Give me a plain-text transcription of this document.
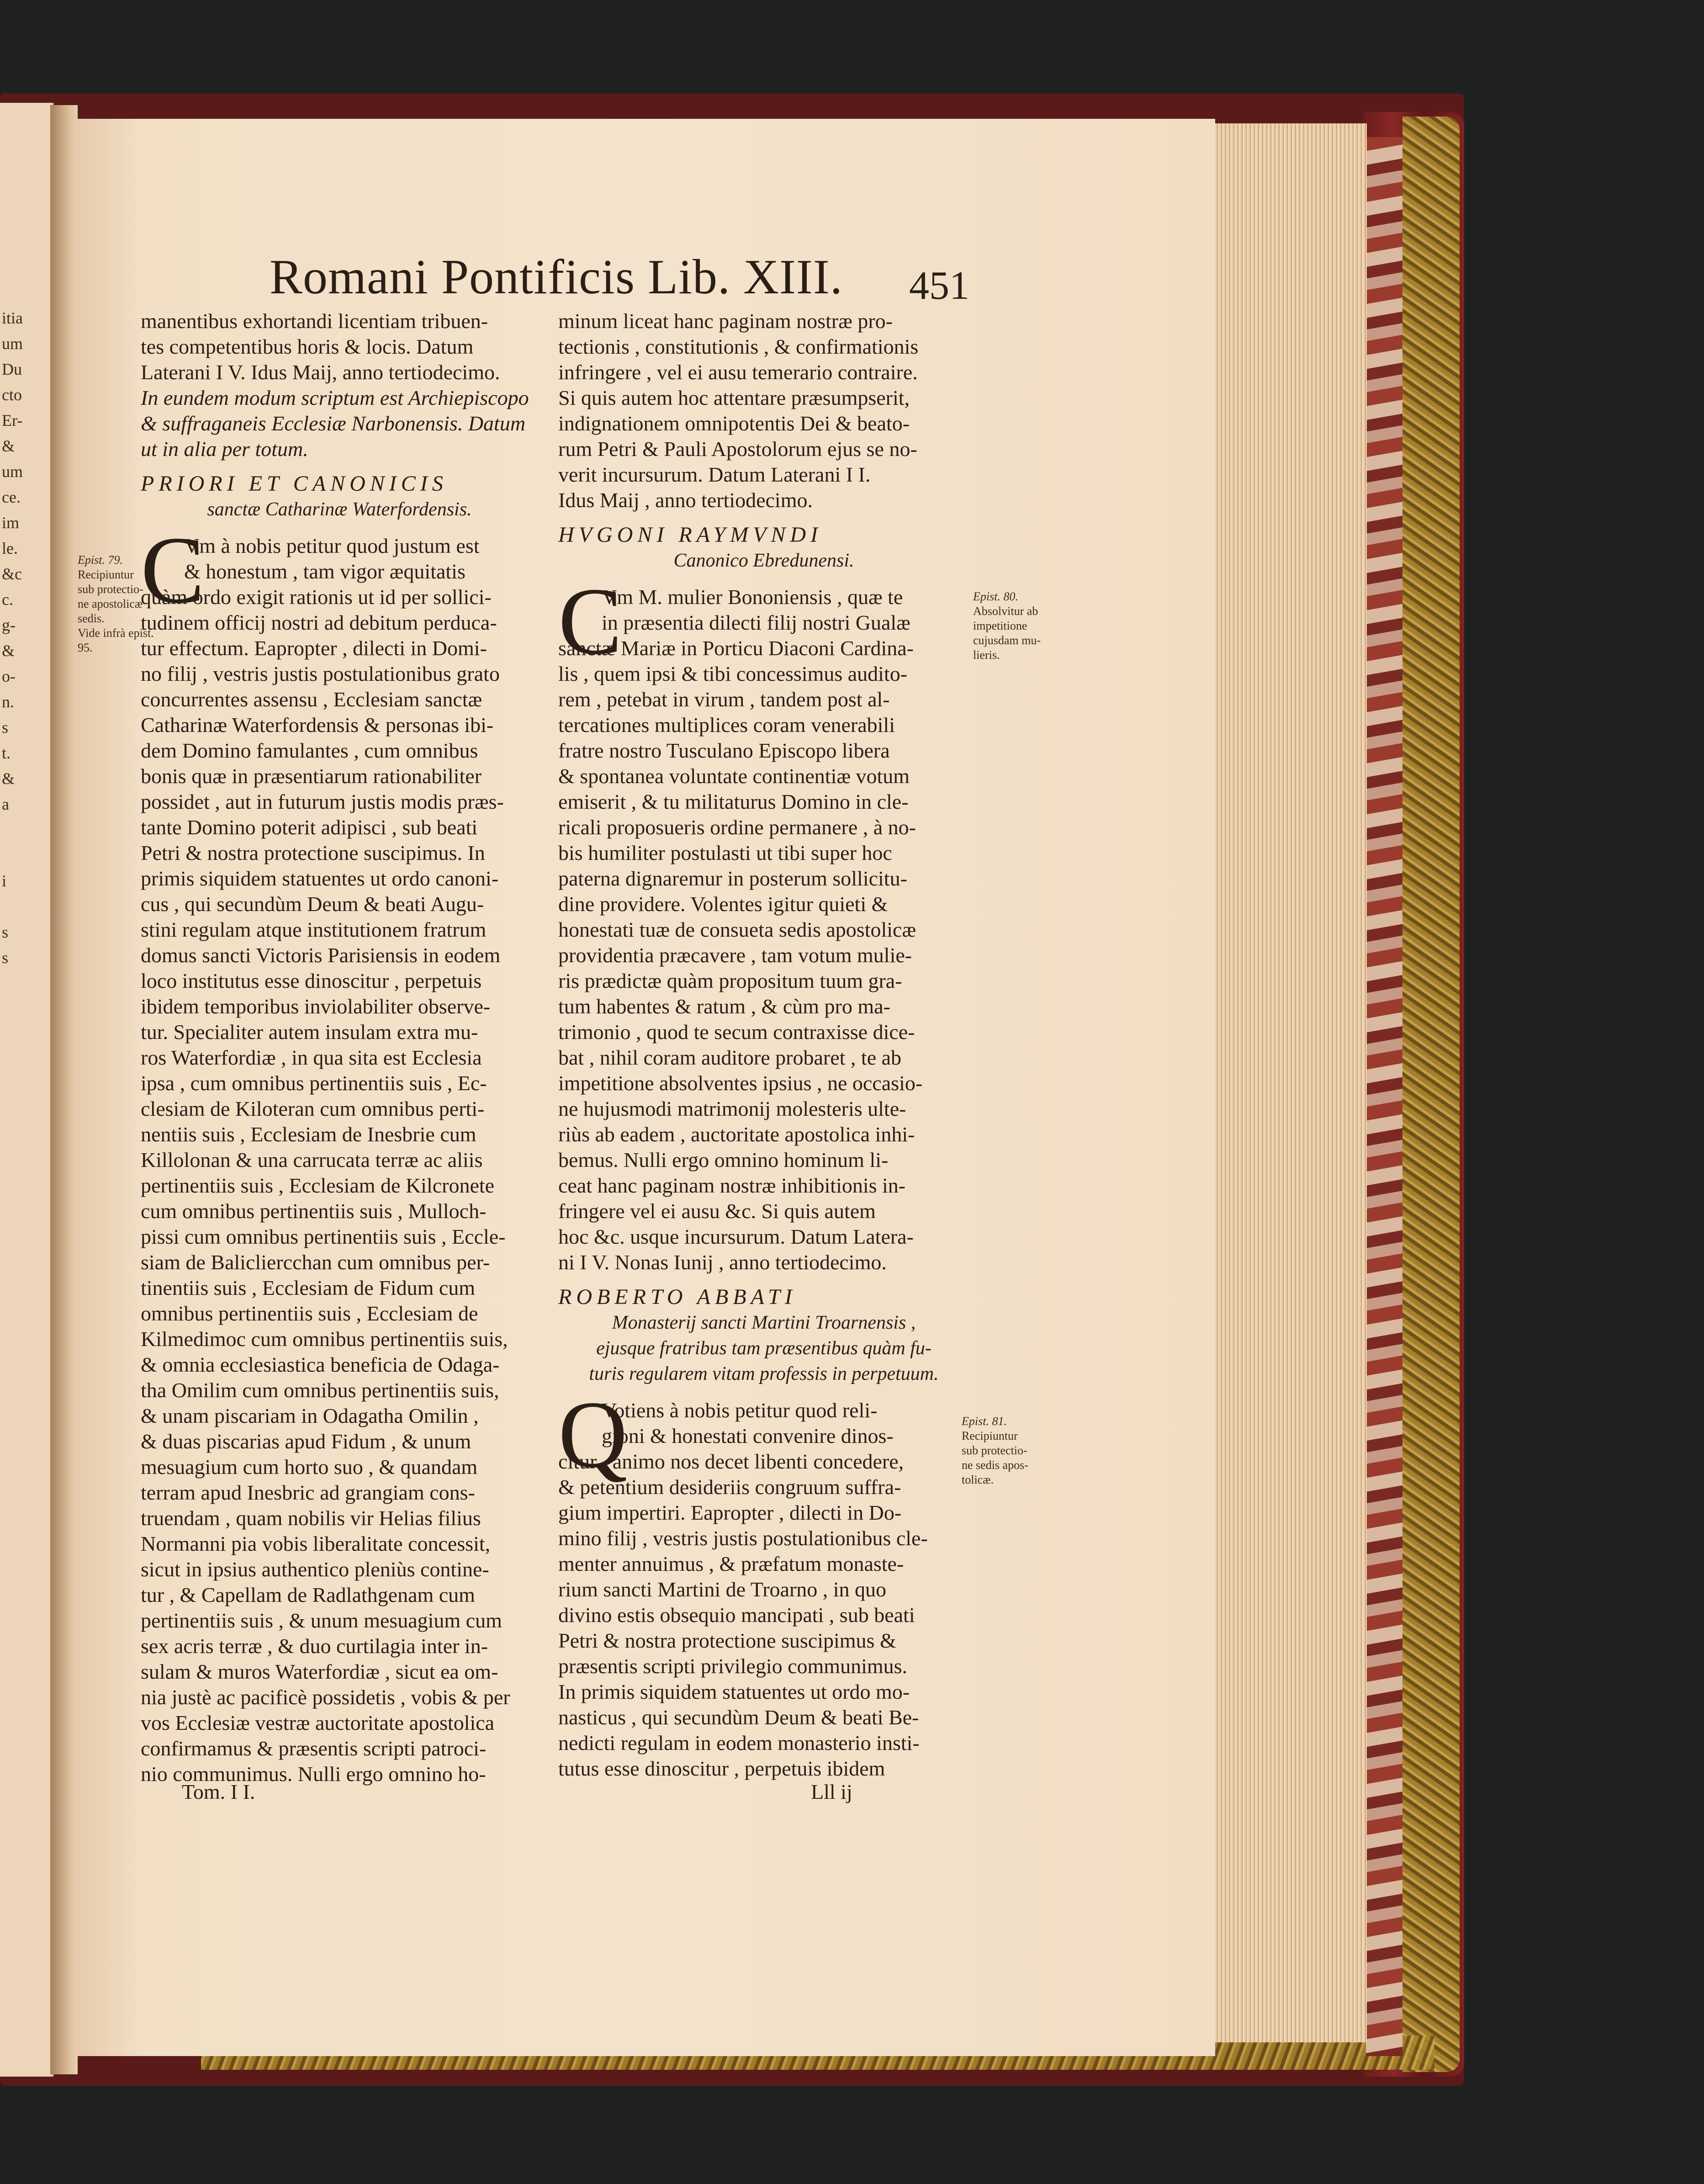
itia
um
Du
cto
Er-
&
um
ce.
im
le.
&c
c.
g-
&
o-
n.
s
t.
&
a
i
s
s
Romani Pontificis Lib. XIII. 451
manentibus exhortandi licentiam tribuen-
tes competentibus horis & locis. Datum
Laterani I V. Idus Maij, anno tertiodecimo.
In eundem modum scriptum est Archiepiscopo
& suffraganeis Ecclesiæ Narbonensis. Datum
ut in alia per totum.
PRIORI ET CANONICIS
sanctæ Catharinæ Waterfordensis.
C
Vm à nobis petitur quod justum est
& honestum , tam vigor æquitatis
quàm ordo exigit rationis ut id per sollici-
tudinem officij nostri ad debitum perduca-
tur effectum. Eapropter , dilecti in Domi-
no filij , vestris justis postulationibus grato
concurrentes assensu , Ecclesiam sanctæ
Catharinæ Waterfordensis & personas ibi-
dem Domino famulantes , cum omnibus
bonis quæ in præsentiarum rationabiliter
possidet , aut in futurum justis modis præs-
tante Domino poterit adipisci , sub beati
Petri & nostra protectione suscipimus. In
primis siquidem statuentes ut ordo canoni-
cus , qui secundùm Deum & beati Augu-
stini regulam atque institutionem fratrum
domus sancti Victoris Parisiensis in eodem
loco institutus esse dinoscitur , perpetuis
ibidem temporibus inviolabiliter observe-
tur. Specialiter autem insulam extra mu-
ros Waterfordiæ , in qua sita est Ecclesia
ipsa , cum omnibus pertinentiis suis , Ec-
clesiam de Kiloteran cum omnibus perti-
nentiis suis , Ecclesiam de Inesbrie cum
Killolonan & una carrucata terræ ac aliis
pertinentiis suis , Ecclesiam de Kilcronete
cum omnibus pertinentiis suis , Mulloch-
pissi cum omnibus pertinentiis suis , Eccle-
siam de Balicliercchan cum omnibus per-
tinentiis suis , Ecclesiam de Fidum cum
omnibus pertinentiis suis , Ecclesiam de
Kilmedimoc cum omnibus pertinentiis suis,
& omnia ecclesiastica beneficia de Odaga-
tha Omilim cum omnibus pertinentiis suis,
& unam piscariam in Odagatha Omilin ,
& duas piscarias apud Fidum , & unum
mesuagium cum horto suo , & quandam
terram apud Inesbric ad grangiam cons-
truendam , quam nobilis vir Helias filius
Normanni pia vobis liberalitate concessit,
sicut in ipsius authentico pleniùs contine-
tur , & Capellam de Radlathgenam cum
pertinentiis suis , & unum mesuagium cum
sex acris terræ , & duo curtilagia inter in-
sulam & muros Waterfordiæ , sicut ea om-
nia justè ac pacificè possidetis , vobis & per
vos Ecclesiæ vestræ auctoritate apostolica
confirmamus & præsentis scripti patroci-
nio communimus. Nulli ergo omnino ho-
minum liceat hanc paginam nostræ pro-
tectionis , constitutionis , & confirmationis
infringere , vel ei ausu temerario contraire.
Si quis autem hoc attentare præsumpserit,
indignationem omnipotentis Dei & beato-
rum Petri & Pauli Apostolorum ejus se no-
verit incursurum. Datum Laterani I I.
Idus Maij , anno tertiodecimo.
HVGONI RAYMVNDI
Canonico Ebredunensi.
C
Vm M. mulier Bononiensis , quæ te
in præsentia dilecti filij nostri Gualæ
sanctæ Mariæ in Porticu Diaconi Cardina-
lis , quem ipsi & tibi concessimus audito-
rem , petebat in virum , tandem post al-
tercationes multiplices coram venerabili
fratre nostro Tusculano Episcopo libera
& spontanea voluntate continentiæ votum
emiserit , & tu militaturus Domino in cle-
ricali proposueris ordine permanere , à no-
bis humiliter postulasti ut tibi super hoc
paterna dignaremur in posterum sollicitu-
dine providere. Volentes igitur quieti &
honestati tuæ de consueta sedis apostolicæ
providentia præcavere , tam votum mulie-
ris prædictæ quàm propositum tuum gra-
tum habentes & ratum , & cùm pro ma-
trimonio , quod te secum contraxisse dice-
bat , nihil coram auditore probaret , te ab
impetitione absolventes ipsius , ne occasio-
ne hujusmodi matrimonij molesteris ulte-
riùs ab eadem , auctoritate apostolica inhi-
bemus. Nulli ergo omnino hominum li-
ceat hanc paginam nostræ inhibitionis in-
fringere vel ei ausu &c. Si quis autem
hoc &c. usque incursurum. Datum Latera-
ni I V. Nonas Iunij , anno tertiodecimo.
ROBERTO ABBATI
Monasterij sancti Martini Troarnensis ,
ejusque fratribus tam præsentibus quàm fu-
turis regularem vitam professis in perpetuum.
Q
Votiens à nobis petitur quod reli-
gioni & honestati convenire dinos-
citur , animo nos decet libenti concedere,
& petentium desideriis congruum suffra-
gium impertiri. Eapropter , dilecti in Do-
mino filij , vestris justis postulationibus cle-
menter annuimus , & præfatum monaste-
rium sancti Martini de Troarno , in quo
divino estis obsequio mancipati , sub beati
Petri & nostra protectione suscipimus &
præsentis scripti privilegio communimus.
In primis siquidem statuentes ut ordo mo-
nasticus , qui secundùm Deum & beati Be-
nedicti regulam in eodem monasterio insti-
tutus esse dinoscitur , perpetuis ibidem
Epist. 79.
Recipiuntur
sub protectio-
ne apostolicæ
sedis.
Vide infrà epist.
95.
Epist. 80.
Absolvitur ab
impetitione
cujusdam mu-
lieris.
Epist. 81.
Recipiuntur
sub protectio-
ne sedis apos-
tolicæ.
Tom. I I.	Lll ij
